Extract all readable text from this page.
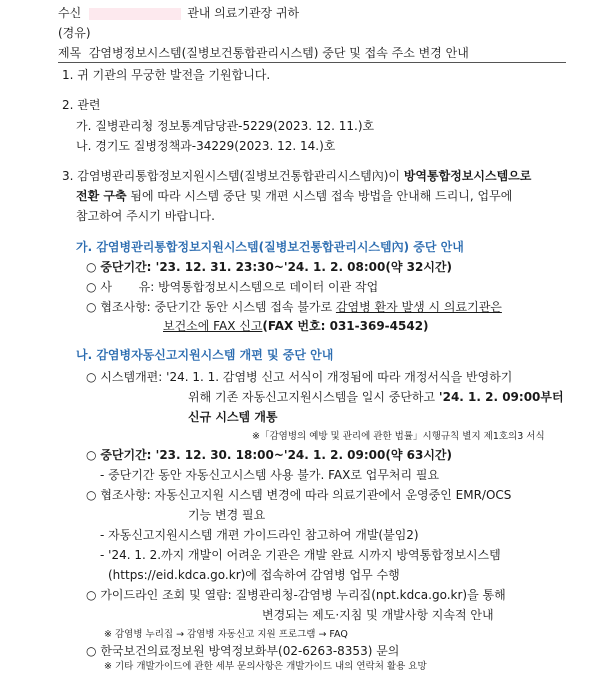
수신	관내 의료기관장 귀하
(경유)
제목 감염병정보시스템(질병보건통합관리시스템) 중단 및 접속 주소 변경 안내
1. 귀 기관의 무궁한 발전을 기원합니다.
2. 관련
가. 질병관리청 정보통계담당관-5229(2023. 12. 11.)호
나. 경기도 질병정책과-34229(2023. 12. 14.)호
3. 감염병관리통합정보지원시스템(질병보건통합관리시스템內)이 방역통합정보시스템으로
전환 구축 됨에 따라 시스템 중단 및 개편 시스템 접속 방법을 안내해 드리니, 업무에
참고하여 주시기 바랍니다.
가. 감염병관리통합정보지원시스템(질병보건통합관리시스템內) 중단 안내
○ 중단기간: '23. 12. 31. 23:30~'24. 1. 2. 08:00(약 32시간)
○ 사       유: 방역통합정보시스템으로 데이터 이관 작업
○ 협조사항: 중단기간 동안 시스템 접속 불가로 감염병 환자 발생 시 의료기관은
보건소에 FAX 신고(FAX 번호: 031-369-4542)
나. 감염병자동신고지원시스템 개편 및 중단 안내
○ 시스템개편: '24. 1. 1. 감염병 신고 서식이 개정됨에 따라 개정서식을 반영하기
위해 기존 자동신고지원시스템을 일시 중단하고 '24. 1. 2. 09:00부터
신규 시스템 개통
※「감염병의 예방 및 관리에 관한 법률」시행규칙 별지 제1호의3 서식
○ 중단기간: '23. 12. 30. 18:00~'24. 1. 2. 09:00(약 63시간)
- 중단기간 동안 자동신고시스템 사용 불가. FAX로 업무처리 필요
○ 협조사항: 자동신고지원 시스템 변경에 따라 의료기관에서 운영중인 EMR/OCS
기능 변경 필요
- 자동신고지원시스템 개편 가이드라인 참고하여 개발(붙임2)
- '24. 1. 2.까지 개발이 어려운 기관은 개발 완료 시까지 방역통합정보시스템
(https://eid.kdca.go.kr)에 접속하여 감염병 업무 수행
○ 가이드라인 조회 및 열람: 질병관리청-감염병 누리집(npt.kdca.go.kr)을 통해
변경되는 제도·지침 및 개발사항 지속적 안내
※ 감염병 누리집 → 감염병 자동신고 지원 프로그램 → FAQ
○ 한국보건의료정보원 방역정보화부(02-6263-8353) 문의
※ 기타 개발가이드에 관한 세부 문의사항은 개발가이드 내의 연락처 활용 요망
